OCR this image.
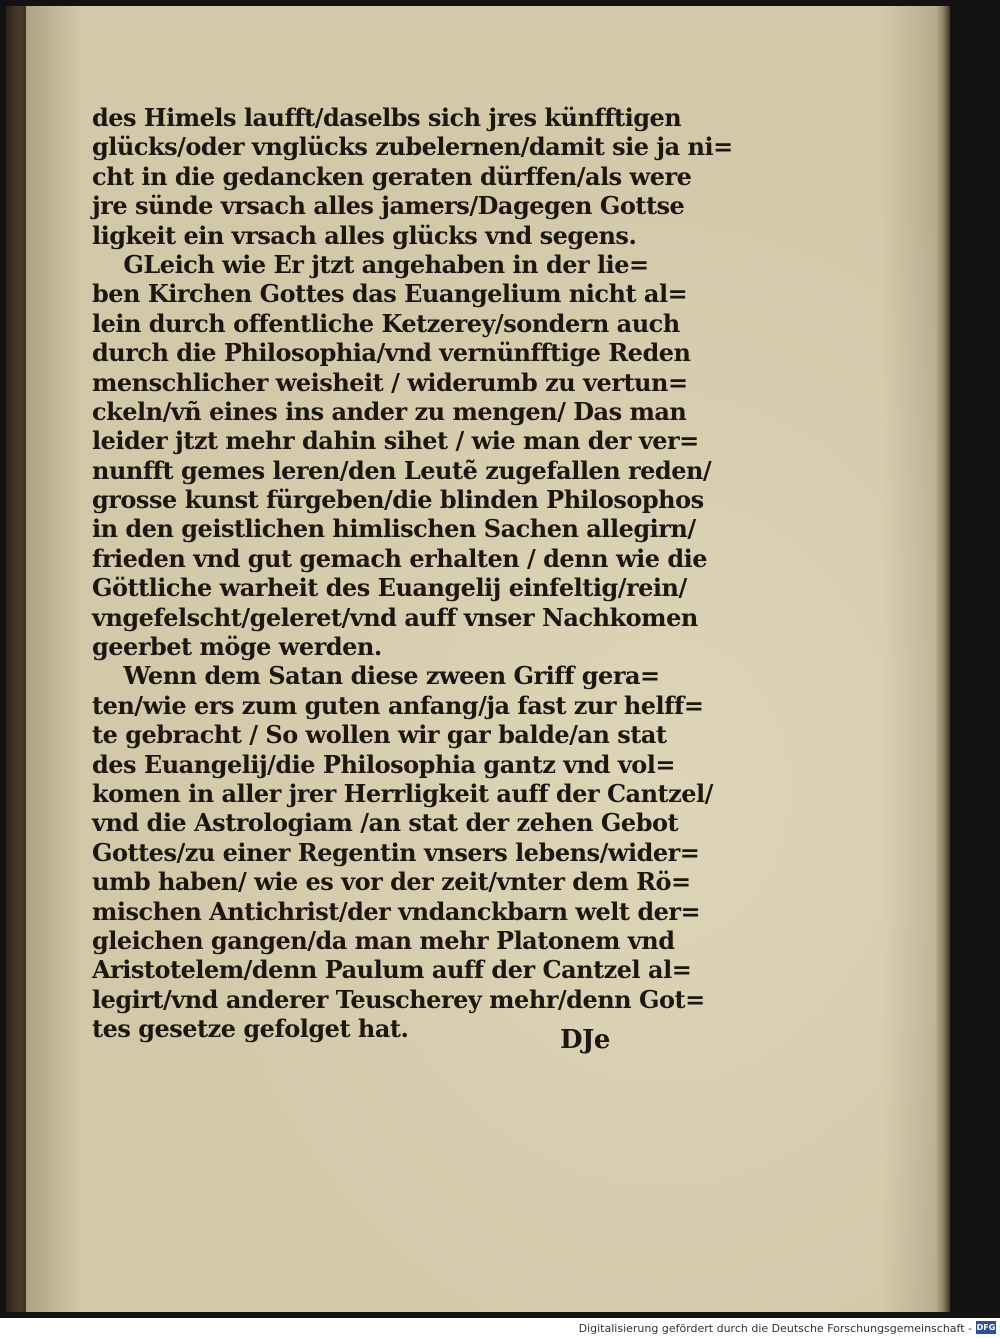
des Himels laufft/daselbs sich jres künfftigen
glücks/oder vnglücks zubelernen/damit sie ja ni=
cht in die gedancken geraten dürffen/als were
jre sünde vrsach alles jamers/Dagegen Gottse
ligkeit ein vrsach alles glücks vnd segens.
GLeich wie Er jtzt angehaben in der lie=
ben Kirchen Gottes das Euangelium nicht al=
lein durch offentliche Ketzerey/sondern auch
durch die Philosophia/vnd vernünfftige Reden
menschlicher weisheit / widerumb zu vertun=
ckeln/vñ eines ins ander zu mengen/ Das man
leider jtzt mehr dahin sihet / wie man der ver=
nunfft gemes leren/den Leutẽ zugefallen reden/
grosse kunst fürgeben/die blinden Philosophos
in den geistlichen himlischen Sachen allegirn/
frieden vnd gut gemach erhalten / denn wie die
Göttliche warheit des Euangelij einfeltig/rein/
vngefelscht/geleret/vnd auff vnser Nachkomen
geerbet möge werden.
Wenn dem Satan diese zween Griff gera=
ten/wie ers zum guten anfang/ja fast zur helff=
te gebracht / So wollen wir gar balde/an stat
des Euangelij/die Philosophia gantz vnd vol=
komen in aller jrer Herrligkeit auff der Cantzel/
vnd die Astrologiam /an stat der zehen Gebot
Gottes/zu einer Regentin vnsers lebens/wider=
umb haben/ wie es vor der zeit/vnter dem Rö=
mischen Antichrist/der vndanckbarn welt der=
gleichen gangen/da man mehr Platonem vnd
Aristotelem/denn Paulum auff der Cantzel al=
legirt/vnd anderer Teuscherey mehr/denn Got=
tes gesetze gefolget hat.	DJe
Digitalisierung gefördert durch die Deutsche Forschungsgemeinschaft - DFG
